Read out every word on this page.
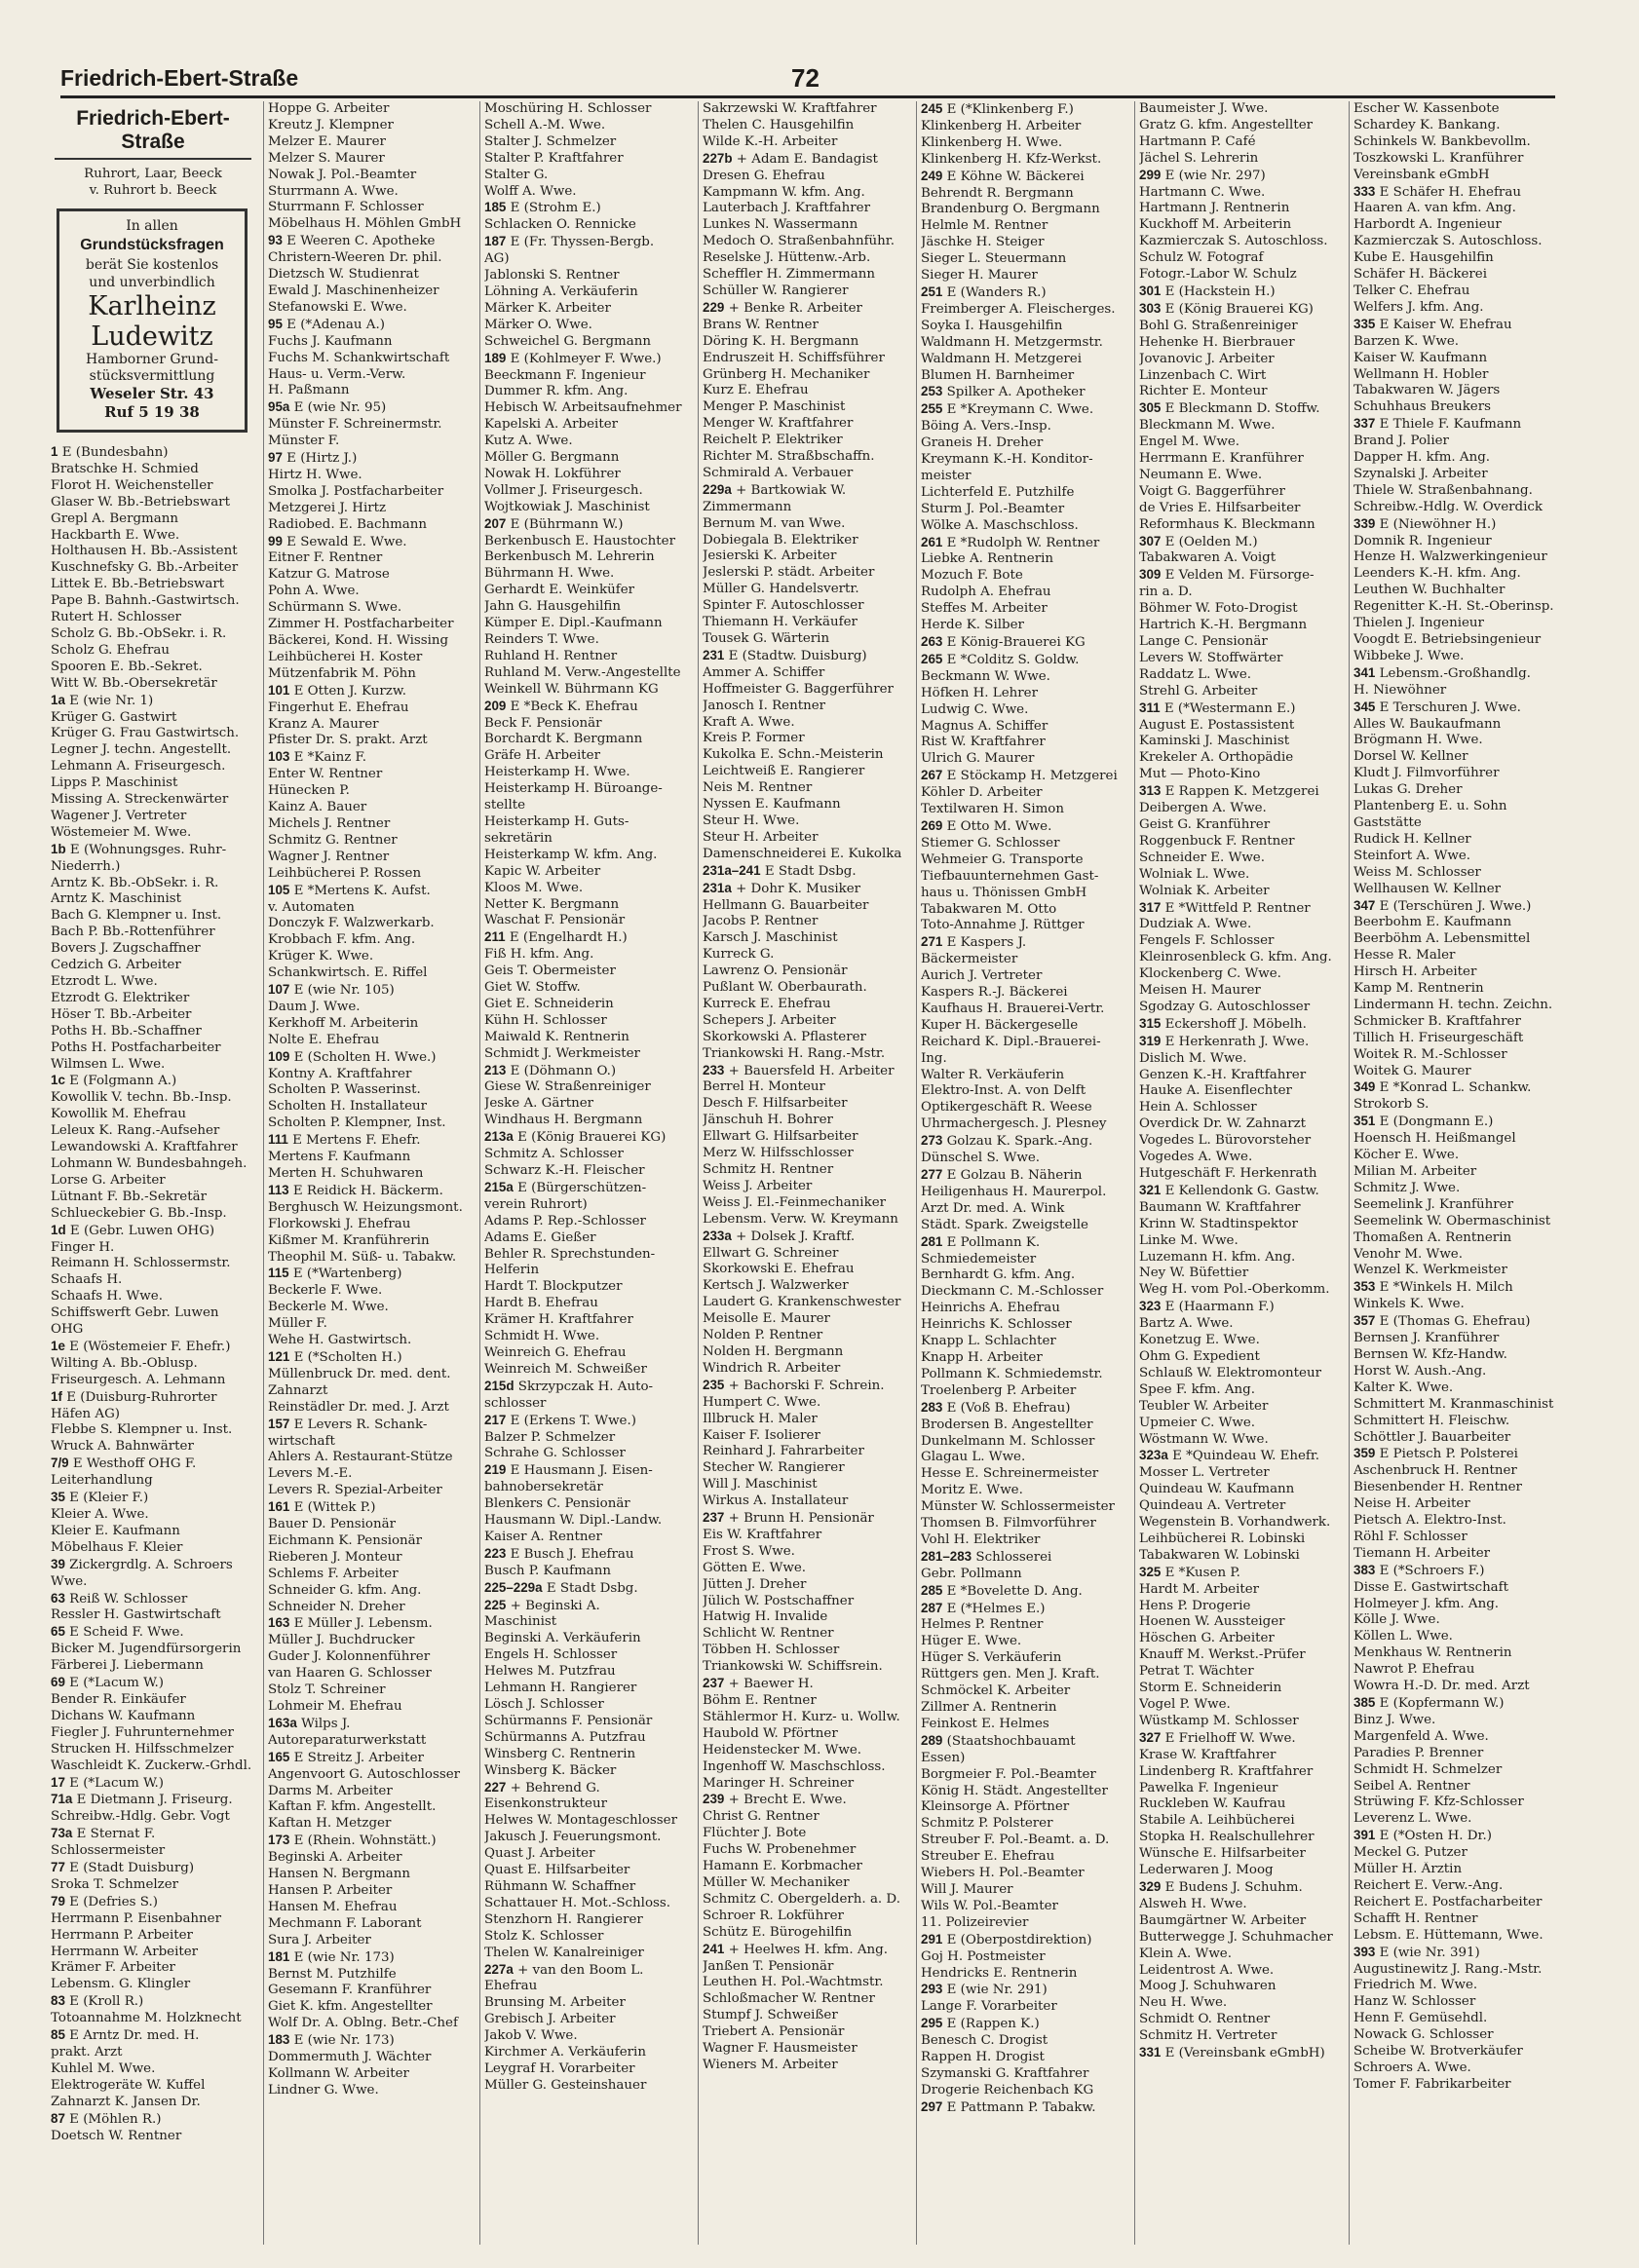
Friedrich-Ebert-Straße	72
Friedrich-Ebert-Straße
Ruhrort, Laar, Beeck
v. Ruhrort b. Beeck
In allen
Grundstücksfragen
berät Sie kostenlos
und unverbindlich
Karlheinz
Ludewitz
Hamborner Grund-
stücksvermittlung
Weseler Str. 43
Ruf 5 19 38
1 E (Bundesbahn)
Bratschke H. Schmied
Florot H. Weichensteller
Glaser W. Bb.-Betriebswart
Grepl A. Bergmann
Hackbarth E. Wwe.
Holthausen H. Bb.-Assistent
Kuschnefsky G. Bb.-Arbeiter
Littek E. Bb.-Betriebswart
Pape B. Bahnh.-Gastwirtsch.
Rutert H. Schlosser
Scholz G. Bb.-ObSekr. i. R.
Scholz G. Ehefrau
Spooren E. Bb.-Sekret.
Witt W. Bb.-Obersekretär
1a E (wie Nr. 1)
Krüger G. Gastwirt
Krüger G. Frau Gastwirtsch.
Legner J. techn. Angestellt.
Lehmann A. Friseurgesch.
Lipps P. Maschinist
Missing A. Streckenwärter
Wagener J. Vertreter
Wöstemeier M. Wwe.
1b E (Wohnungsges. Ruhr-
Niederrh.)
Arntz K. Bb.-ObSekr. i. R.
Arntz K. Maschinist
Bach G. Klempner u. Inst.
Bach P. Bb.-Rottenführer
Bovers J. Zugschaffner
Cedzich G. Arbeiter
Etzrodt L. Wwe.
Etzrodt G. Elektriker
Höser T. Bb.-Arbeiter
Poths H. Bb.-Schaffner
Poths H. Postfacharbeiter
Wilmsen L. Wwe.
1c E (Folgmann A.)
Kowollik V. techn. Bb.-Insp.
Kowollik M. Ehefrau
Leleux K. Rang.-Aufseher
Lewandowski A. Kraftfahrer
Lohmann W. Bundesbahngeh.
Lorse G. Arbeiter
Lütnant F. Bb.-Sekretär
Schlueckebier G. Bb.-Insp.
1d E (Gebr. Luwen OHG)
Finger H.
Reimann H. Schlossermstr.
Schaafs H.
Schaafs H. Wwe.
Schiffswerft Gebr. Luwen
OHG
1e E (Wöstemeier F. Ehefr.)
Wilting A. Bb.-Oblusp.
Friseurgesch. A. Lehmann
1f E (Duisburg-Ruhrorter
Häfen AG)
Flebbe S. Klempner u. Inst.
Wruck A. Bahnwärter
7/9 E Westhoff OHG F.
Leiterhandlung
35 E (Kleier F.)
Kleier A. Wwe.
Kleier E. Kaufmann
Möbelhaus F. Kleier
39 Zickergrdlg. A. Schroers
Wwe.
63 Reiß W. Schlosser
Ressler H. Gastwirtschaft
65 E Scheid F. Wwe.
Bicker M. Jugendfürsorgerin
Färberei J. Liebermann
69 E (*Lacum W.)
Bender R. Einkäufer
Dichans W. Kaufmann
Fiegler J. Fuhrunternehmer
Strucken H. Hilfsschmelzer
Waschleidt K. Zuckerw.-Grhdl.
17 E (*Lacum W.)
71a E Dietmann J. Friseurg.
Schreibw.-Hdlg. Gebr. Vogt
73a E Sternat F.
Schlossermeister
77 E (Stadt Duisburg)
Sroka T. Schmelzer
79 E (Defries S.)
Herrmann P. Eisenbahner
Herrmann P. Arbeiter
Herrmann W. Arbeiter
Krämer F. Arbeiter
Lebensm. G. Klingler
83 E (Kroll R.)
Totoannahme M. Holzknecht
85 E Arntz Dr. med. H.
prakt. Arzt
Kuhlel M. Wwe.
Elektrogeräte W. Kuffel
Zahnarzt K. Jansen Dr.
87 E (Möhlen R.)
Doetsch W. Rentner
Hoppe G. Arbeiter
Kreutz J. Klempner
Melzer E. Maurer
Melzer S. Maurer
Nowak J. Pol.-Beamter
Sturrmann A. Wwe.
Sturrmann F. Schlosser
Möbelhaus H. Möhlen GmbH
93 E Weeren C. Apotheke
Christern-Weeren Dr. phil.
Dietzsch W. Studienrat
Ewald J. Maschinenheizer
Stefanowski E. Wwe.
95 E (*Adenau A.)
Fuchs J. Kaufmann
Fuchs M. Schankwirtschaft
Haus- u. Verm.-Verw.
H. Paßmann
95a E (wie Nr. 95)
Münster F. Schreinermstr.
Münster F.
97 E (Hirtz J.)
Hirtz H. Wwe.
Smolka J. Postfacharbeiter
Metzgerei J. Hirtz
Radiobed. E. Bachmann
99 E Sewald E. Wwe.
Eitner F. Rentner
Katzur G. Matrose
Pohn A. Wwe.
Schürmann S. Wwe.
Zimmer H. Postfacharbeiter
Bäckerei, Kond. H. Wissing
Leihbücherei H. Koster
Mützenfabrik M. Pöhn
101 E Otten J. Kurzw.
Fingerhut E. Ehefrau
Kranz A. Maurer
Pfister Dr. S. prakt. Arzt
103 E *Kainz F.
Enter W. Rentner
Hünecken P.
Kainz A. Bauer
Michels J. Rentner
Schmitz G. Rentner
Wagner J. Rentner
Leihbücherei P. Rossen
105 E *Mertens K. Aufst.
v. Automaten
Donczyk F. Walzwerkarb.
Krobbach F. kfm. Ang.
Krüger K. Wwe.
Schankwirtsch. E. Riffel
107 E (wie Nr. 105)
Daum J. Wwe.
Kerkhoff M. Arbeiterin
Nolte E. Ehefrau
109 E (Scholten H. Wwe.)
Kontny A. Kraftfahrer
Scholten P. Wasserinst.
Scholten H. Installateur
Scholten P. Klempner, Inst.
111 E Mertens F. Ehefr.
Mertens F. Kaufmann
Merten H. Schuhwaren
113 E Reidick H. Bäckerm.
Berghusch W. Heizungsmont.
Florkowski J. Ehefrau
Kißmer M. Kranführerin
Theophil M. Süß- u. Tabakw.
115 E (*Wartenberg)
Beckerle F. Wwe.
Beckerle M. Wwe.
Müller F.
Wehe H. Gastwirtsch.
121 E (*Scholten H.)
Müllenbruck Dr. med. dent.
Zahnarzt
Reinstädler Dr. med. J. Arzt
157 E Levers R. Schank-
wirtschaft
Ahlers A. Restaurant-Stütze
Levers M.-E.
Levers R. Spezial-Arbeiter
161 E (Wittek P.)
Bauer D. Pensionär
Eichmann K. Pensionär
Rieberen J. Monteur
Schlems F. Arbeiter
Schneider G. kfm. Ang.
Schneider N. Dreher
163 E Müller J. Lebensm.
Müller J. Buchdrucker
Guder J. Kolonnenführer
van Haaren G. Schlosser
Stolz T. Schreiner
Lohmeir M. Ehefrau
163a Wilps J.
Autoreparaturwerkstatt
165 E Streitz J. Arbeiter
Angenvoort G. Autoschlosser
Darms M. Arbeiter
Kaftan F. kfm. Angestellt.
Kaftan H. Metzger
173 E (Rhein. Wohnstätt.)
Beginski A. Arbeiter
Hansen N. Bergmann
Hansen P. Arbeiter
Hansen M. Ehefrau
Mechmann F. Laborant
Sura J. Arbeiter
181 E (wie Nr. 173)
Bernst M. Putzhilfe
Gesemann F. Kranführer
Giet K. kfm. Angestellter
Wolf Dr. A. Oblng. Betr.-Chef
183 E (wie Nr. 173)
Dommermuth J. Wächter
Kollmann W. Arbeiter
Lindner G. Wwe.
Moschüring H. Schlosser
Schell A.-M. Wwe.
Stalter J. Schmelzer
Stalter P. Kraftfahrer
Stalter G.
Wolff A. Wwe.
185 E (Strohm E.)
Schlacken O. Rennicke
187 E (Fr. Thyssen-Bergb.
AG)
Jablonski S. Rentner
Löhning A. Verkäuferin
Märker K. Arbeiter
Märker O. Wwe.
Schweichel G. Bergmann
189 E (Kohlmeyer F. Wwe.)
Beeckmann F. Ingenieur
Dummer R. kfm. Ang.
Hebisch W. Arbeitsaufnehmer
Kapelski A. Arbeiter
Kutz A. Wwe.
Möller G. Bergmann
Nowak H. Lokführer
Vollmer J. Friseurgesch.
Wojtkowiak J. Maschinist
207 E (Bührmann W.)
Berkenbusch E. Haustochter
Berkenbusch M. Lehrerin
Bührmann H. Wwe.
Gerhardt E. Weinküfer
Jahn G. Hausgehilfin
Kümper E. Dipl.-Kaufmann
Reinders T. Wwe.
Ruhland H. Rentner
Ruhland M. Verw.-Angestellte
Weinkell W. Bührmann KG
209 E *Beck K. Ehefrau
Beck F. Pensionär
Borchardt K. Bergmann
Gräfe H. Arbeiter
Heisterkamp H. Wwe.
Heisterkamp H. Büroange-
stellte
Heisterkamp H. Guts-
sekretärin
Heisterkamp W. kfm. Ang.
Kapic W. Arbeiter
Kloos M. Wwe.
Netter K. Bergmann
Waschat F. Pensionär
211 E (Engelhardt H.)
Fiß H. kfm. Ang.
Geis T. Obermeister
Giet W. Stoffw.
Giet E. Schneiderin
Kühn H. Schlosser
Maiwald K. Rentnerin
Schmidt J. Werkmeister
213 E (Döhmann O.)
Giese W. Straßenreiniger
Jeske A. Gärtner
Windhaus H. Bergmann
213a E (König Brauerei KG)
Schmitz A. Schlosser
Schwarz K.-H. Fleischer
215a E (Bürgerschützen-
verein Ruhrort)
Adams P. Rep.-Schlosser
Adams E. Gießer
Behler R. Sprechstunden-
Helferin
Hardt T. Blockputzer
Hardt B. Ehefrau
Krämer H. Kraftfahrer
Schmidt H. Wwe.
Weinreich G. Ehefrau
Weinreich M. Schweißer
215d Skrzypczak H. Auto-
schlosser
217 E (Erkens T. Wwe.)
Balzer P. Schmelzer
Schrahe G. Schlosser
219 E Hausmann J. Eisen-
bahnobersekretär
Blenkers C. Pensionär
Hausmann W. Dipl.-Landw.
Kaiser A. Rentner
223 E Busch J. Ehefrau
Busch P. Kaufmann
225–229a E Stadt Dsbg.
225 + Beginski A.
Maschinist
Beginski A. Verkäuferin
Engels H. Schlosser
Helwes M. Putzfrau
Lehmann H. Rangierer
Lösch J. Schlosser
Schürmanns F. Pensionär
Schürmanns A. Putzfrau
Winsberg C. Rentnerin
Winsberg K. Bäcker
227 + Behrend G.
Eisenkonstrukteur
Helwes W. Montageschlosser
Jakusch J. Feuerungsmont.
Quast J. Arbeiter
Quast E. Hilfsarbeiter
Rühmann W. Schaffner
Schattauer H. Mot.-Schloss.
Stenzhorn H. Rangierer
Stolz K. Schlosser
Thelen W. Kanalreiniger
227a + van den Boom L.
Ehefrau
Brunsing M. Arbeiter
Grebisch J. Arbeiter
Jakob V. Wwe.
Kirchmer A. Verkäuferin
Leygraf H. Vorarbeiter
Müller G. Gesteinshauer
Sakrzewski W. Kraftfahrer
Thelen C. Hausgehilfin
Wilde K.-H. Arbeiter
227b + Adam E. Bandagist
Dresen G. Ehefrau
Kampmann W. kfm. Ang.
Lauterbach J. Kraftfahrer
Lunkes N. Wassermann
Medoch O. Straßenbahnführ.
Reselske J. Hüttenw.-Arb.
Scheffler H. Zimmermann
Schüller W. Rangierer
229 + Benke R. Arbeiter
Brans W. Rentner
Döring K. H. Bergmann
Endruszeit H. Schiffsführer
Grünberg H. Mechaniker
Kurz E. Ehefrau
Menger P. Maschinist
Menger W. Kraftfahrer
Reichelt P. Elektriker
Richter M. Straßbschaffn.
Schmirald A. Verbauer
229a + Bartkowiak W.
Zimmermann
Bernum M. van Wwe.
Dobiegala B. Elektriker
Jesierski K. Arbeiter
Jeslerski P. städt. Arbeiter
Müller G. Handelsvertr.
Spinter F. Autoschlosser
Thiemann H. Verkäufer
Tousek G. Wärterin
231 E (Stadtw. Duisburg)
Ammer A. Schiffer
Hoffmeister G. Baggerführer
Janosch I. Rentner
Kraft A. Wwe.
Kreis P. Former
Kukolka E. Schn.-Meisterin
Leichtweiß E. Rangierer
Neis M. Rentner
Nyssen E. Kaufmann
Steur H. Wwe.
Steur H. Arbeiter
Damenschneiderei E. Kukolka
231a–241 E Stadt Dsbg.
231a + Dohr K. Musiker
Hellmann G. Bauarbeiter
Jacobs P. Rentner
Karsch J. Maschinist
Kurreck G.
Lawrenz O. Pensionär
Pußlant W. Oberbaurath.
Kurreck E. Ehefrau
Schepers J. Arbeiter
Skorkowski A. Pflasterer
Triankowski H. Rang.-Mstr.
233 + Bauersfeld H. Arbeiter
Berrel H. Monteur
Desch F. Hilfsarbeiter
Jänschuh H. Bohrer
Ellwart G. Hilfsarbeiter
Merz W. Hilfsschlosser
Schmitz H. Rentner
Weiss J. Arbeiter
Weiss J. El.-Feinmechaniker
Lebensm. Verw. W. Kreymann
233a + Dolsek J. Kraftf.
Ellwart G. Schreiner
Skorkowski E. Ehefrau
Kertsch J. Walzwerker
Laudert G. Krankenschwester
Meisolle E. Maurer
Nolden P. Rentner
Nolden H. Bergmann
Windrich R. Arbeiter
235 + Bachorski F. Schrein.
Humpert C. Wwe.
Illbruck H. Maler
Kaiser F. Isolierer
Reinhard J. Fahrarbeiter
Stecher W. Rangierer
Will J. Maschinist
Wirkus A. Installateur
237 + Brunn H. Pensionär
Eis W. Kraftfahrer
Frost S. Wwe.
Götten E. Wwe.
Jütten J. Dreher
Jülich W. Postschaffner
Hatwig H. Invalide
Schlicht W. Rentner
Többen H. Schlosser
Triankowski W. Schiffsrein.
237 + Baewer H.
Böhm E. Rentner
Stählermor H. Kurz- u. Wollw.
Haubold W. Pförtner
Heidenstecker M. Wwe.
Ingenhoff W. Maschschloss.
Maringer H. Schreiner
239 + Brecht E. Wwe.
Christ G. Rentner
Flüchter J. Bote
Fuchs W. Probenehmer
Hamann E. Korbmacher
Müller W. Mechaniker
Schmitz C. Obergelderh. a. D.
Schroer R. Lokführer
Schütz E. Bürogehilfin
241 + Heelwes H. kfm. Ang.
Janßen T. Pensionär
Leuthen H. Pol.-Wachtmstr.
Schloßmacher W. Rentner
Stumpf J. Schweißer
Triebert A. Pensionär
Wagner F. Hausmeister
Wieners M. Arbeiter
245 E (*Klinkenberg F.)
Klinkenberg H. Arbeiter
Klinkenberg H. Wwe.
Klinkenberg H. Kfz-Werkst.
249 E Köhne W. Bäckerei
Behrendt R. Bergmann
Brandenburg O. Bergmann
Helmle M. Rentner
Jäschke H. Steiger
Sieger L. Steuermann
Sieger H. Maurer
251 E (Wanders R.)
Freimberger A. Fleischerges.
Soyka I. Hausgehilfin
Waldmann H. Metzgermstr.
Waldmann H. Metzgerei
Blumen H. Barnheimer
253 Spilker A. Apotheker
255 E *Kreymann C. Wwe.
Böing A. Vers.-Insp.
Graneis H. Dreher
Kreymann K.-H. Konditor-
meister
Lichterfeld E. Putzhilfe
Sturm J. Pol.-Beamter
Wölke A. Maschschloss.
261 E *Rudolph W. Rentner
Liebke A. Rentnerin
Mozuch F. Bote
Rudolph A. Ehefrau
Steffes M. Arbeiter
Herde K. Silber
263 E König-Brauerei KG
265 E *Colditz S. Goldw.
Beckmann W. Wwe.
Höfken H. Lehrer
Ludwig C. Wwe.
Magnus A. Schiffer
Rist W. Kraftfahrer
Ulrich G. Maurer
267 E Stöckamp H. Metzgerei
Köhler D. Arbeiter
Textilwaren H. Simon
269 E Otto M. Wwe.
Stiemer G. Schlosser
Wehmeier G. Transporte
Tiefbauunternehmen Gast-
haus u. Thönissen GmbH
Tabakwaren M. Otto
Toto-Annahme J. Rüttger
271 E Kaspers J.
Bäckermeister
Aurich J. Vertreter
Kaspers R.-J. Bäckerei
Kaufhaus H. Brauerei-Vertr.
Kuper H. Bäckergeselle
Reichard K. Dipl.-Brauerei-
Ing.
Walter R. Verkäuferin
Elektro-Inst. A. von Delft
Optikergeschäft R. Weese
Uhrmachergesch. J. Plesney
273 Golzau K. Spark.-Ang.
Dünschel S. Wwe.
277 E Golzau B. Näherin
Heiligenhaus H. Maurerpol.
Arzt Dr. med. A. Wink
Städt. Spark. Zweigstelle
281 E Pollmann K.
Schmiedemeister
Bernhardt G. kfm. Ang.
Dieckmann C. M.-Schlosser
Heinrichs A. Ehefrau
Heinrichs K. Schlosser
Knapp L. Schlachter
Knapp H. Arbeiter
Pollmann K. Schmiedemstr.
Troelenberg P. Arbeiter
283 E (Voß B. Ehefrau)
Brodersen B. Angestellter
Dunkelmann M. Schlosser
Glagau L. Wwe.
Hesse E. Schreinermeister
Moritz E. Wwe.
Münster W. Schlossermeister
Thomsen B. Filmvorführer
Vohl H. Elektriker
281–283 Schlosserei
Gebr. Pollmann
285 E *Bovelette D. Ang.
287 E (*Helmes E.)
Helmes P. Rentner
Hüger E. Wwe.
Hüger S. Verkäuferin
Rüttgers gen. Men J. Kraft.
Schmöckel K. Arbeiter
Zillmer A. Rentnerin
Feinkost E. Helmes
289 (Staatshochbauamt
Essen)
Borgmeier F. Pol.-Beamter
König H. Städt. Angestellter
Kleinsorge A. Pförtner
Schmitz P. Polsterer
Streuber F. Pol.-Beamt. a. D.
Streuber E. Ehefrau
Wiebers H. Pol.-Beamter
Will J. Maurer
Wils W. Pol.-Beamter
11. Polizeirevier
291 E (Oberpostdirektion)
Goj H. Postmeister
Hendricks E. Rentnerin
293 E (wie Nr. 291)
Lange F. Vorarbeiter
295 E (Rappen K.)
Benesch C. Drogist
Rappen H. Drogist
Szymanski G. Kraftfahrer
Drogerie Reichenbach KG
297 E Pattmann P. Tabakw.
Baumeister J. Wwe.
Gratz G. kfm. Angestellter
Hartmann P. Café
Jächel S. Lehrerin
299 E (wie Nr. 297)
Hartmann C. Wwe.
Hartmann J. Rentnerin
Kuckhoff M. Arbeiterin
Kazmierczak S. Autoschloss.
Schulz W. Fotograf
Fotogr.-Labor W. Schulz
301 E (Hackstein H.)
303 E (König Brauerei KG)
Bohl G. Straßenreiniger
Hehenke H. Bierbrauer
Jovanovic J. Arbeiter
Linzenbach C. Wirt
Richter E. Monteur
305 E Bleckmann D. Stoffw.
Bleckmann M. Wwe.
Engel M. Wwe.
Herrmann E. Kranführer
Neumann E. Wwe.
Voigt G. Baggerführer
de Vries E. Hilfsarbeiter
Reformhaus K. Bleckmann
307 E (Oelden M.)
Tabakwaren A. Voigt
309 E Velden M. Fürsorge-
rin a. D.
Böhmer W. Foto-Drogist
Hartrich K.-H. Bergmann
Lange C. Pensionär
Levers W. Stoffwärter
Raddatz L. Wwe.
Strehl G. Arbeiter
311 E (*Westermann E.)
August E. Postassistent
Kaminski J. Maschinist
Krekeler A. Orthopädie
Mut — Photo-Kino
313 E Rappen K. Metzgerei
Deibergen A. Wwe.
Geist G. Kranführer
Roggenbuck F. Rentner
Schneider E. Wwe.
Wolniak L. Wwe.
Wolniak K. Arbeiter
317 E *Wittfeld P. Rentner
Dudziak A. Wwe.
Fengels F. Schlosser
Kleinrosenbleck G. kfm. Ang.
Klockenberg C. Wwe.
Meisen H. Maurer
Sgodzay G. Autoschlosser
315 Eckershoff J. Möbelh.
319 E Herkenrath J. Wwe.
Dislich M. Wwe.
Genzen K.-H. Kraftfahrer
Hauke A. Eisenflechter
Hein A. Schlosser
Overdick Dr. W. Zahnarzt
Vogedes L. Bürovorsteher
Vogedes A. Wwe.
Hutgeschäft F. Herkenrath
321 E Kellendonk G. Gastw.
Baumann W. Kraftfahrer
Krinn W. Stadtinspektor
Linke M. Wwe.
Luzemann H. kfm. Ang.
Ney W. Büfettier
Weg H. vom Pol.-Oberkomm.
323 E (Haarmann F.)
Bartz A. Wwe.
Konetzug E. Wwe.
Ohm G. Expedient
Schlauß W. Elektromonteur
Spee F. kfm. Ang.
Teubler W. Arbeiter
Upmeier C. Wwe.
Wöstmann W. Wwe.
323a E *Quindeau W. Ehefr.
Mosser L. Vertreter
Quindeau W. Kaufmann
Quindeau A. Vertreter
Wegenstein B. Vorhandwerk.
Leihbücherei R. Lobinski
Tabakwaren W. Lobinski
325 E *Kusen P.
Hardt M. Arbeiter
Hens P. Drogerie
Hoenen W. Aussteiger
Höschen G. Arbeiter
Knauff M. Werkst.-Prüfer
Petrat T. Wächter
Storm E. Schneiderin
Vogel P. Wwe.
Wüstkamp M. Schlosser
327 E Frielhoff W. Wwe.
Krase W. Kraftfahrer
Lindenberg R. Kraftfahrer
Pawelka F. Ingenieur
Ruckleben W. Kaufrau
Stabile A. Leihbücherei
Stopka H. Realschullehrer
Wünsche E. Hilfsarbeiter
Lederwaren J. Moog
329 E Budens J. Schuhm.
Alsweh H. Wwe.
Baumgärtner W. Arbeiter
Butterwegge J. Schuhmacher
Klein A. Wwe.
Leidentrost A. Wwe.
Moog J. Schuhwaren
Neu H. Wwe.
Schmidt O. Rentner
Schmitz H. Vertreter
331 E (Vereinsbank eGmbH)
Escher W. Kassenbote
Schardey K. Bankang.
Schinkels W. Bankbevollm.
Toszkowski L. Kranführer
Vereinsbank eGmbH
333 E Schäfer H. Ehefrau
Haaren A. van kfm. Ang.
Harbordt A. Ingenieur
Kazmierczak S. Autoschloss.
Kube E. Hausgehilfin
Schäfer H. Bäckerei
Telker C. Ehefrau
Welfers J. kfm. Ang.
335 E Kaiser W. Ehefrau
Barzen K. Wwe.
Kaiser W. Kaufmann
Wellmann H. Hobler
Tabakwaren W. Jägers
Schuhhaus Breukers
337 E Thiele F. Kaufmann
Brand J. Polier
Dapper H. kfm. Ang.
Szynalski J. Arbeiter
Thiele W. Straßenbahnang.
Schreibw.-Hdlg. W. Overdick
339 E (Niewöhner H.)
Domnik R. Ingenieur
Henze H. Walzwerkingenieur
Leenders K.-H. kfm. Ang.
Leuthen W. Buchhalter
Regenitter K.-H. St.-Oberinsp.
Thielen J. Ingenieur
Voogdt E. Betriebsingenieur
Wibbeke J. Wwe.
341 Lebensm.-Großhandlg.
H. Niewöhner
345 E Terschuren J. Wwe.
Alles W. Baukaufmann
Brögmann H. Wwe.
Dorsel W. Kellner
Kludt J. Filmvorführer
Lukas G. Dreher
Plantenberg E. u. Sohn
Gaststätte
Rudick H. Kellner
Steinfort A. Wwe.
Weiss M. Schlosser
Wellhausen W. Kellner
347 E (Terschüren J. Wwe.)
Beerbohm E. Kaufmann
Beerböhm A. Lebensmittel
Hesse R. Maler
Hirsch H. Arbeiter
Kamp M. Rentnerin
Lindermann H. techn. Zeichn.
Schmicker B. Kraftfahrer
Tillich H. Friseurgeschäft
Woitek R. M.-Schlosser
Woitek G. Maurer
349 E *Konrad L. Schankw.
Strokorb S.
351 E (Dongmann E.)
Hoensch H. Heißmangel
Köcher E. Wwe.
Milian M. Arbeiter
Schmitz J. Wwe.
Seemelink J. Kranführer
Seemelink W. Obermaschinist
Thomaßen A. Rentnerin
Venohr M. Wwe.
Wenzel K. Werkmeister
353 E *Winkels H. Milch
Winkels K. Wwe.
357 E (Thomas G. Ehefrau)
Bernsen J. Kranführer
Bernsen W. Kfz-Handw.
Horst W. Aush.-Ang.
Kalter K. Wwe.
Schmittert M. Kranmaschinist
Schmittert H. Fleischw.
Schöttler J. Bauarbeiter
359 E Pietsch P. Polsterei
Aschenbruck H. Rentner
Biesenbender H. Rentner
Neise H. Arbeiter
Pietsch A. Elektro-Inst.
Röhl F. Schlosser
Tiemann H. Arbeiter
383 E (*Schroers F.)
Disse E. Gastwirtschaft
Holmeyer J. kfm. Ang.
Kölle J. Wwe.
Köllen L. Wwe.
Menkhaus W. Rentnerin
Nawrot P. Ehefrau
Wowra H.-D. Dr. med. Arzt
385 E (Kopfermann W.)
Binz J. Wwe.
Margenfeld A. Wwe.
Paradies P. Brenner
Schmidt H. Schmelzer
Seibel A. Rentner
Strüwing F. Kfz-Schlosser
Leverenz L. Wwe.
391 E (*Osten H. Dr.)
Meckel G. Putzer
Müller H. Ärztin
Reichert E. Verw.-Ang.
Reichert E. Postfacharbeiter
Schafft H. Rentner
Lebsm. E. Hüttemann, Wwe.
393 E (wie Nr. 391)
Augustinewitz J. Rang.-Mstr.
Friedrich M. Wwe.
Hanz W. Schlosser
Henn F. Gemüsehdl.
Nowack G. Schlosser
Scheibe W. Brotverkäufer
Schroers A. Wwe.
Tomer F. Fabrikarbeiter
